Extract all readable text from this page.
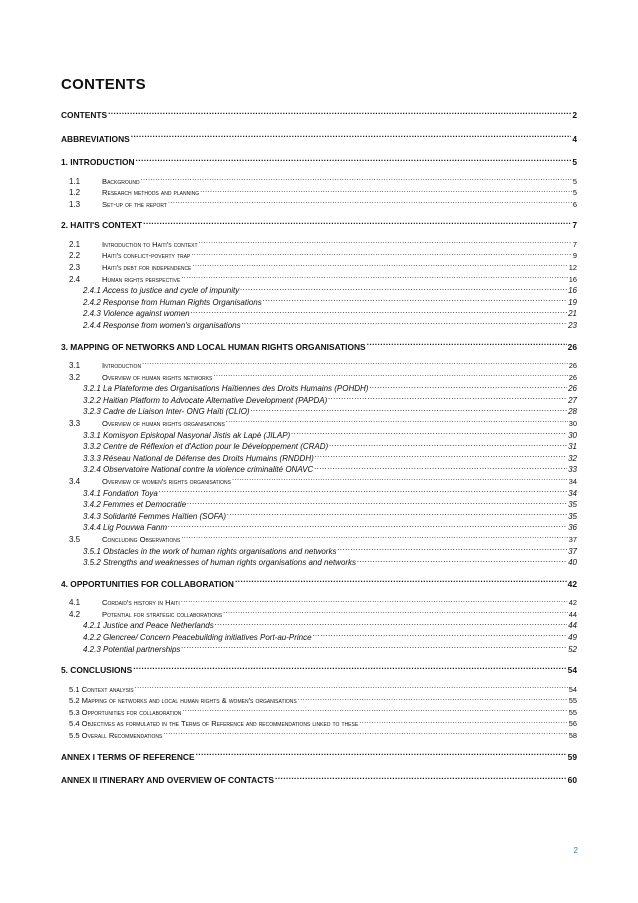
CONTENTS
CONTENTS .....	2
ABBREVIATIONS .....	4
1. INTRODUCTION .....	5
1.1	Background .....	5
1.2	Research methods and planning .....	5
1.3	Set-up of the report .....	6
2. HAITI'S CONTEXT .....	7
2.1	Introduction to Haiti's context .....	7
2.2	Haiti's conflict-poverty trap .....	9
2.3	Haiti's debt for independence .....	12
2.4	Human rights perspective .....	16
2.4.1 Access to justice and cycle of impunity .....	16
2.4.2 Response from Human Rights Organisations .....	19
2.4.3 Violence against women .....	21
2.4.4 Response from women's organisations .....	23
3. MAPPING OF NETWORKS AND LOCAL HUMAN RIGHTS ORGANISATIONS .....	26
3.1	Introduction .....	26
3.2	Overview of human rights networks .....	26
3.2.1 La Plateforme des Organisations Haïtiennes des Droits Humains (POHDH) .....	26
3.2.2 Haitian Platform to Advocate Alternative Development (PAPDA) .....	27
3.2.3 Cadre de Liaison Inter- ONG Haïti (CLIO) .....	28
3.3	Overview of human rights organisations .....	30
3.3.1 Komisyon Episkopal Nasyonal Jistis ak Lapè (JILAP) .....	30
3.3.2 Centre de Réflexion et d'Action pour le Développement (CRAD) .....	31
3.3.3 Réseau National de Défense des Droits Humains (RNDDH) .....	32
3.2.4 Observatoire National contre la violence criminalité ONAVC .....	33
3.4	Overview of women's rights organisations .....	34
3.4.1 Fondation Toya .....	34
3.4.2 Femmes et Democratie .....	35
3.4.3 Solidarité Femmes Haïtien (SOFA) .....	35
3.4.4 Lig Pouvwa Fanm .....	36
3.5	Concluding Observations .....	37
3.5.1 Obstacles in the work of human rights organisations and networks .....	37
3.5.2 Strengths and weaknesses of human rights organisations and networks .....	40
4. OPPORTUNITIES FOR COLLABORATION .....	42
4.1	Cordaid's history in Haiti .....	42
4.2	Potential for strategic collaborations .....	44
4.2.1 Justice and Peace Netherlands .....	44
4.2.2 Glencree/ Concern Peacebuilding initiatives Port-au-Prince .....	49
4.2.3 Potential partnerships .....	52
5. CONCLUSIONS .....	54
5.1 Context analysis .....	54
5.2 Mapping of networks and local human rights & women's organisations .....	55
5.3 Opportunities for collaboration .....	55
5.4 Objectives as formulated in the Terms of Reference and recommendations linked to these .....	56
5.5 Overall Recommendations .....	58
ANNEX I TERMS OF REFERENCE .....	59
ANNEX II ITINERARY AND OVERVIEW OF CONTACTS .....	60
2
